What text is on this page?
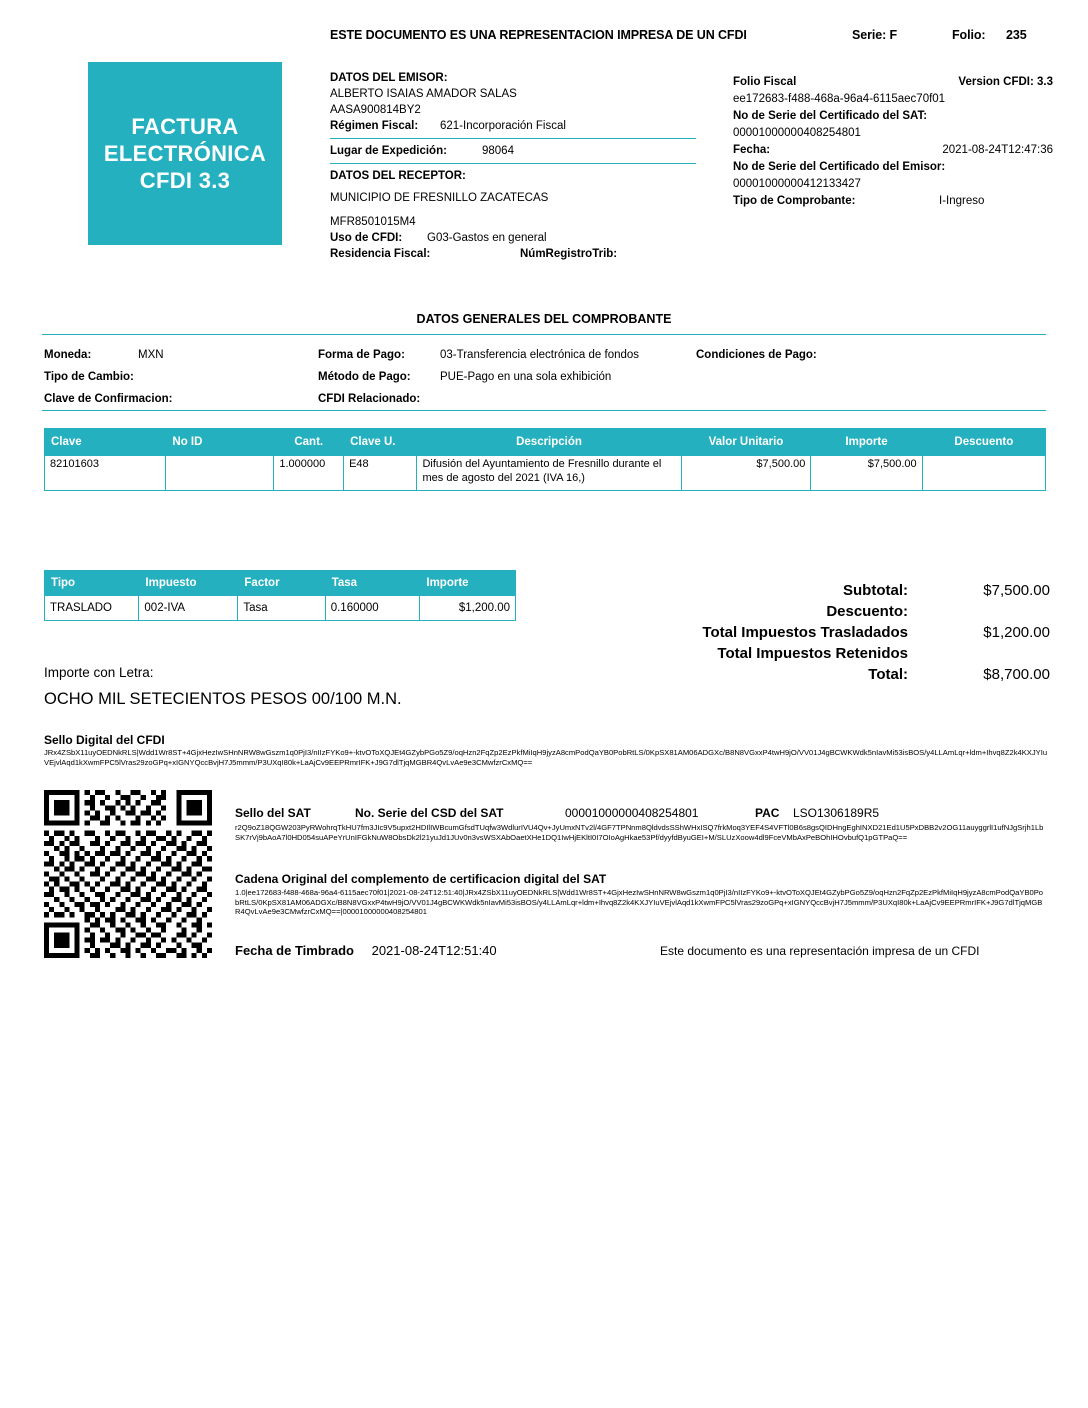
ESTE DOCUMENTO ES UNA REPRESENTACION IMPRESA DE UN CFDI	Serie: F	Folio: 235
FACTURA
ELECTRÓNICA
CFDI 3.3
DATOS DEL EMISOR:
ALBERTO ISAIAS AMADOR SALAS
AASA900814BY2
Régimen Fiscal: 621-Incorporación Fiscal
Lugar de Expedición:	98064
DATOS DEL RECEPTOR:
MUNICIPIO DE FRESNILLO ZACATECAS
MFR8501015M4
Uso de CFDI: G03-Gastos en general
Residencia Fiscal:	NúmRegistroTrib:
Folio Fiscal	Version CFDI: 3.3
ee172683-f488-468a-96a4-6115aec70f01
No de Serie del Certificado del SAT:
00001000000408254801
Fecha:	2021-08-24T12:47:36
No de Serie del Certificado del Emisor:
00001000000412133427
Tipo de Comprobante:	I-Ingreso
DATOS GENERALES DEL COMPROBANTE
Moneda:	MXN
Tipo de Cambio:
Clave de Confirmacion:
Forma de Pago:	03-Transferencia electrónica de fondos
Método de Pago:	PUE-Pago en una sola exhibición
CFDI Relacionado:
Condiciones de Pago:
Clave	No ID	Cant.	Clave U.	Descripción	Valor Unitario	Importe	Descuento
82101603		1.000000	E48	Difusión del Ayuntamiento de Fresnillo durante el mes de agosto del 2021 (IVA 16,)	$7,500.00	$7,500.00	
Tipo	Impuesto	Factor	Tasa	Importe
TRASLADO	002-IVA	Tasa	0.160000	$1,200.00
Subtotal:	$7,500.00
Descuento:
Total Impuestos Trasladados	$1,200.00
Total Impuestos Retenidos
Total:	$8,700.00
Importe con Letra:
OCHO MIL SETECIENTOS PESOS 00/100 M.N.
Sello Digital del CFDI
JRx4ZSbX11uyOEDNkRLS|Wdd1Wr8ST+4GjxHezIwSHnNRW8wGszm1q0PjI3/nIIzFYKo9+-ktvOToXQJEt4GZybPGo5Z9/oqHzn2FqZp2EzPkfMiIqH9jyzA8cmPodQaYB0PobRtLS/0KpSX81AM06ADGXc/B8N8VGxxP4twH9jO/VV01J4gBCWKWdk5nIavMi53isBOS/y4LLAmLqr+ldm+Ihvq8Z2k4KXJYIuVEjvlAqd1kXwmFPC5lVras29zoGPq+xIGNYQccBvjH7J5mmm/P3UXqI80k+LaAjCv9EEPRmrIFK+J9G7dlTjqMGBR4QvLvAe9e3CMwfzrCxMQ==
Sello del SAT	No. Serie del CSD del SAT	00001000000408254801	PAC LSO1306189R5
r2Q9oZ18QGW203PyRWohrqTkHU7fm3JIc9V5upxt2HDIlIWBcumGfsdTUqfw3WdlurIVU4Qv+JyUmxNTv2l/4GF7TPNnm8QldvdsSShWHxISQ7frkMoq3YEF4S4VFTl0B6s8gsQIDHngEghINXD21Ed1U5PxDBB2v2OG11auyggrlI1ufNJgSrjh1LbSK7rVj9bAoA7l0HD054suAPeYrUnIFGkNuW8ObsDk2l21yuJd1JUv0n3vsWSXAbOaetXHe1DQ1IwHjEKltI0I7OIoAgHkae53Pf/dyyfdByuGEI+M/SLUzXoow4dl9FceVMbAxPeBOhIHOvbufQ1pGTPaQ==
Cadena Original del complemento de certificacion digital del SAT
1.0|ee172683-f488-468a-96a4-6115aec70f01|2021-08-24T12:51:40|JRx4ZSbX11uyOEDNkRLS|Wdd1Wr8ST+4GjxHezIwSHnNRW8wGszm1q0PjI3/nIIzFYKo9+-ktvOToXQJEt4GZybPGo5Z9/oqHzn2FqZp2EzPkfMiIqH9jyzA8cmPodQaYB0PobRtLS/0KpSX81AM06ADGXc/B8N8VGxxP4twH9jO/VV01J4gBCWKWdk5nIavMi53isBOS/y4LLAmLqr+ldm+Ihvq8Z2k4KXJYIuVEjvlAqd1kXwmFPC5lVras29zoGPq+xIGNYQccBvjH7J5mmm/P3UXqI80k+LaAjCv9EEPRmrIFK+J9G7dlTjqMGBR4QvLvAe9e3CMwfzrCxMQ==|00001000000408254801
Fecha de Timbrado 2021-08-24T12:51:40	Este documento es una representación impresa de un CFDI
